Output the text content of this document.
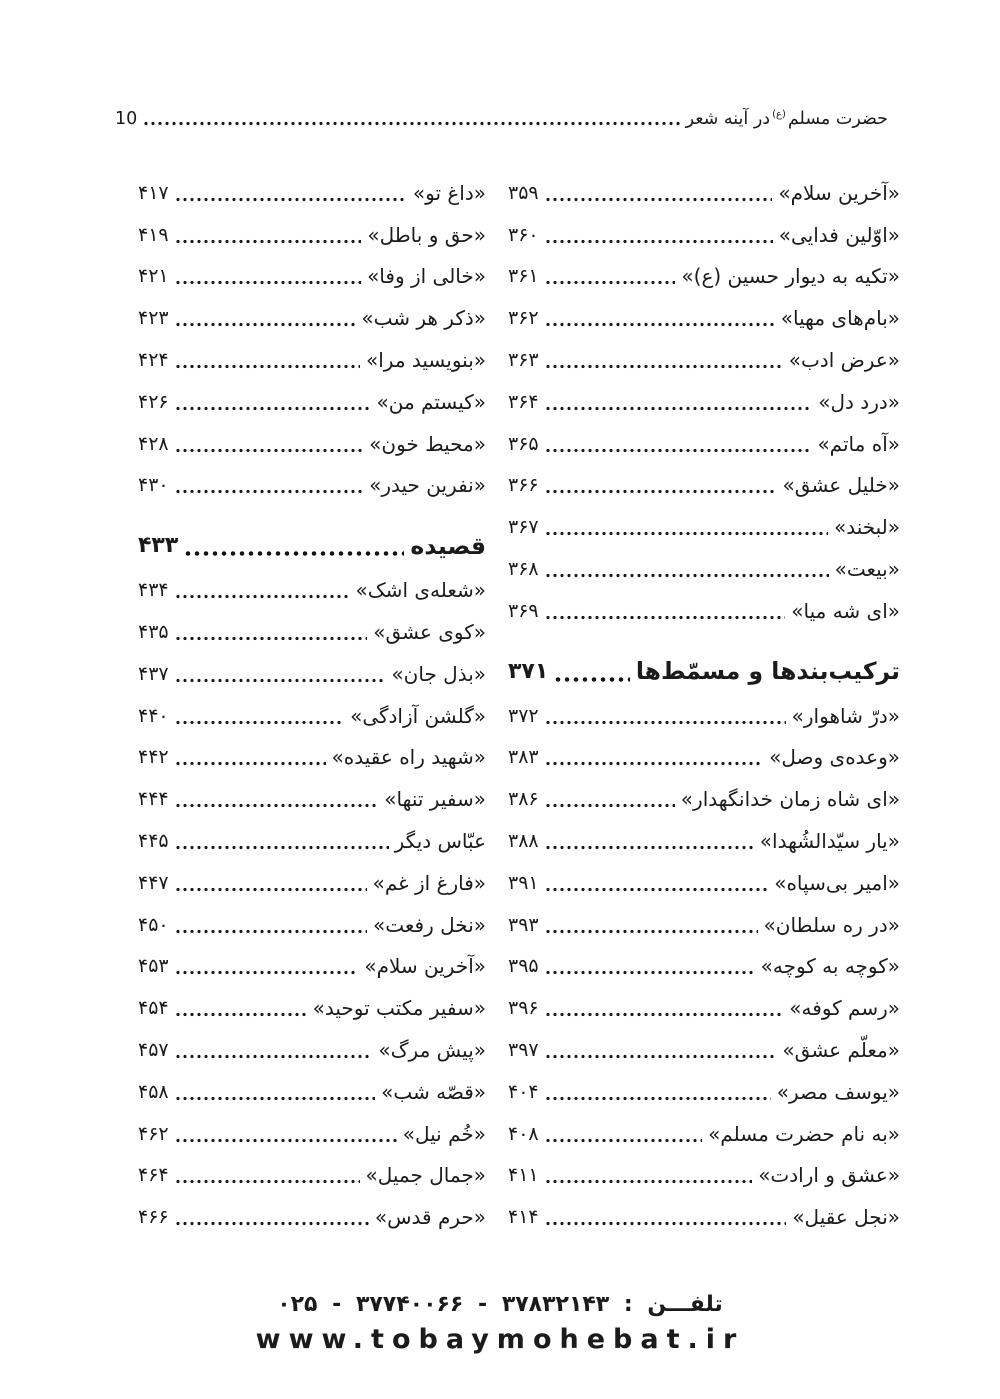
حضرت مسلم
(ع)
در آینه شعر
10
«آخرین سلام»
۳۵۹
«اوّلین فدایی»
۳۶۰
«تکیه به دیوار حسین (ع)»
۳۶۱
«بام‌های مهیا»
۳۶۲
«عرض ادب»
۳۶۳
«درد دل»
۳۶۴
«آه ماتم»
۳۶۵
«خلیل عشق»
۳۶۶
«لبخند»
۳۶۷
«بیعت»
۳۶۸
«ای شه میا»
۳۶۹
ترکیب‌بندها و مسمّط‌ها
۳۷۱
«درّ شاهوار»
۳۷۲
«وعده‌ی وصل»
۳۸۳
«ای شاه زمان خدانگهدار»
۳۸۶
«یار سیّدالشُهدا»
۳۸۸
«امیر بی‌سپاه»
۳۹۱
«در ره سلطان»
۳۹۳
«کوچه به کوچه»
۳۹۵
«رسم کوفه»
۳۹۶
«معلّم عشق»
۳۹۷
«یوسف مصر»
۴۰۴
«به نام حضرت مسلم»
۴۰۸
«عشق و ارادت»
۴۱۱
«نجل عقیل»
۴۱۴
«داغ تو»
۴۱۷
«حق و باطل»
۴۱۹
«خالی از وفا»
۴۲۱
«ذکر هر شب»
۴۲۳
«بنویسید مرا»
۴۲۴
«کیستم من»
۴۲۶
«محیط خون»
۴۲۸
«نفرین حیدر»
۴۳۰
قصیده
۴۳۳
«شعله‌ی اشک»
۴۳۴
«کوی عشق»
۴۳۵
«بذل جان»
۴۳۷
«گلشن آزادگی»
۴۴۰
«شهید راه عقیده»
۴۴۲
«سفیر تنها»
۴۴۴
عبّاس دیگر
۴۴۵
«فارغ از غم»
۴۴۷
«نخل رفعت»
۴۵۰
«آخرین سلام»
۴۵۳
«سفیر مکتب توحید»
۴۵۴
«پیش مرگ»
۴۵۷
«قصّه شب»
۴۵۸
«خُم نیل»
۴۶۲
«جمال جمیل»
۴۶۴
«حرم قدس»
۴۶۶
تلفـــن : ۳۷۸۳۲۱۴۳ - ۳۷۷۴۰۰۶۶ - ۰۲۵
www.tobaymohebat.ir
